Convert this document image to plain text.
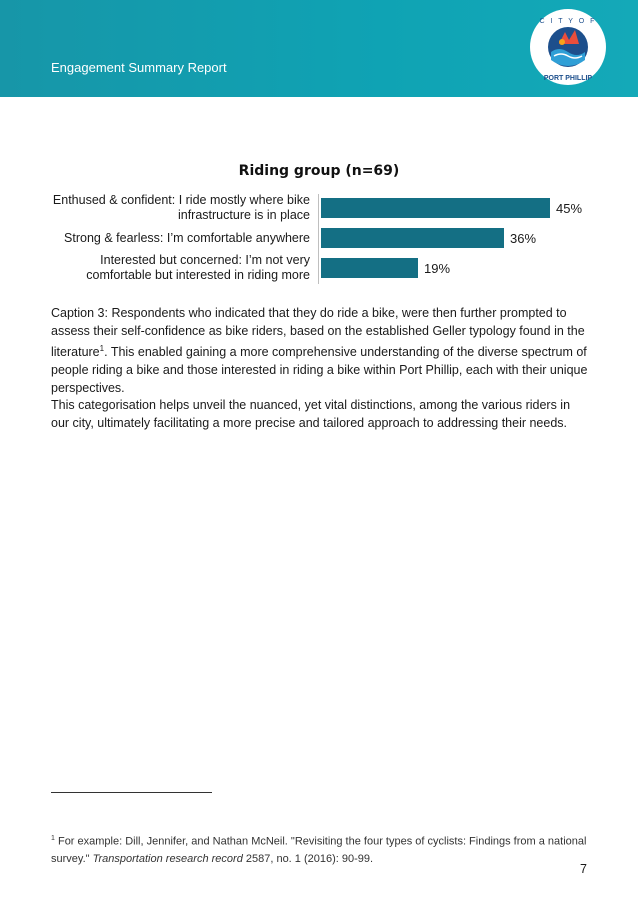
Engagement Summary Report
C I T Y O F
PORT PHILLIP
Riding group (n=69)
Enthused & confident: I ride mostly where bike
infrastructure is in place	45%
Strong & fearless: I’m comfortable anywhere	36%
Interested but concerned: I’m not very
comfortable but interested in riding more	19%
Caption 3: Respondents who indicated that they do ride a bike, were then further prompted to assess their self-confidence as bike riders, based on the established Geller typology found in the literature$^1$. This enabled gaining a more comprehensive understanding of the diverse spectrum of people riding a bike and those interested in riding a bike within Port Phillip, each with their unique perspectives.
This categorisation helps unveil the nuanced, yet vital distinctions, among the various riders in our city, ultimately facilitating a more precise and tailored approach to addressing their needs.
$^1$ For example: Dill, Jennifer, and Nathan McNeil. "Revisiting the four types of cyclists: Findings from a national survey." Transportation research record 2587, no. 1 (2016): 90-99.
7
